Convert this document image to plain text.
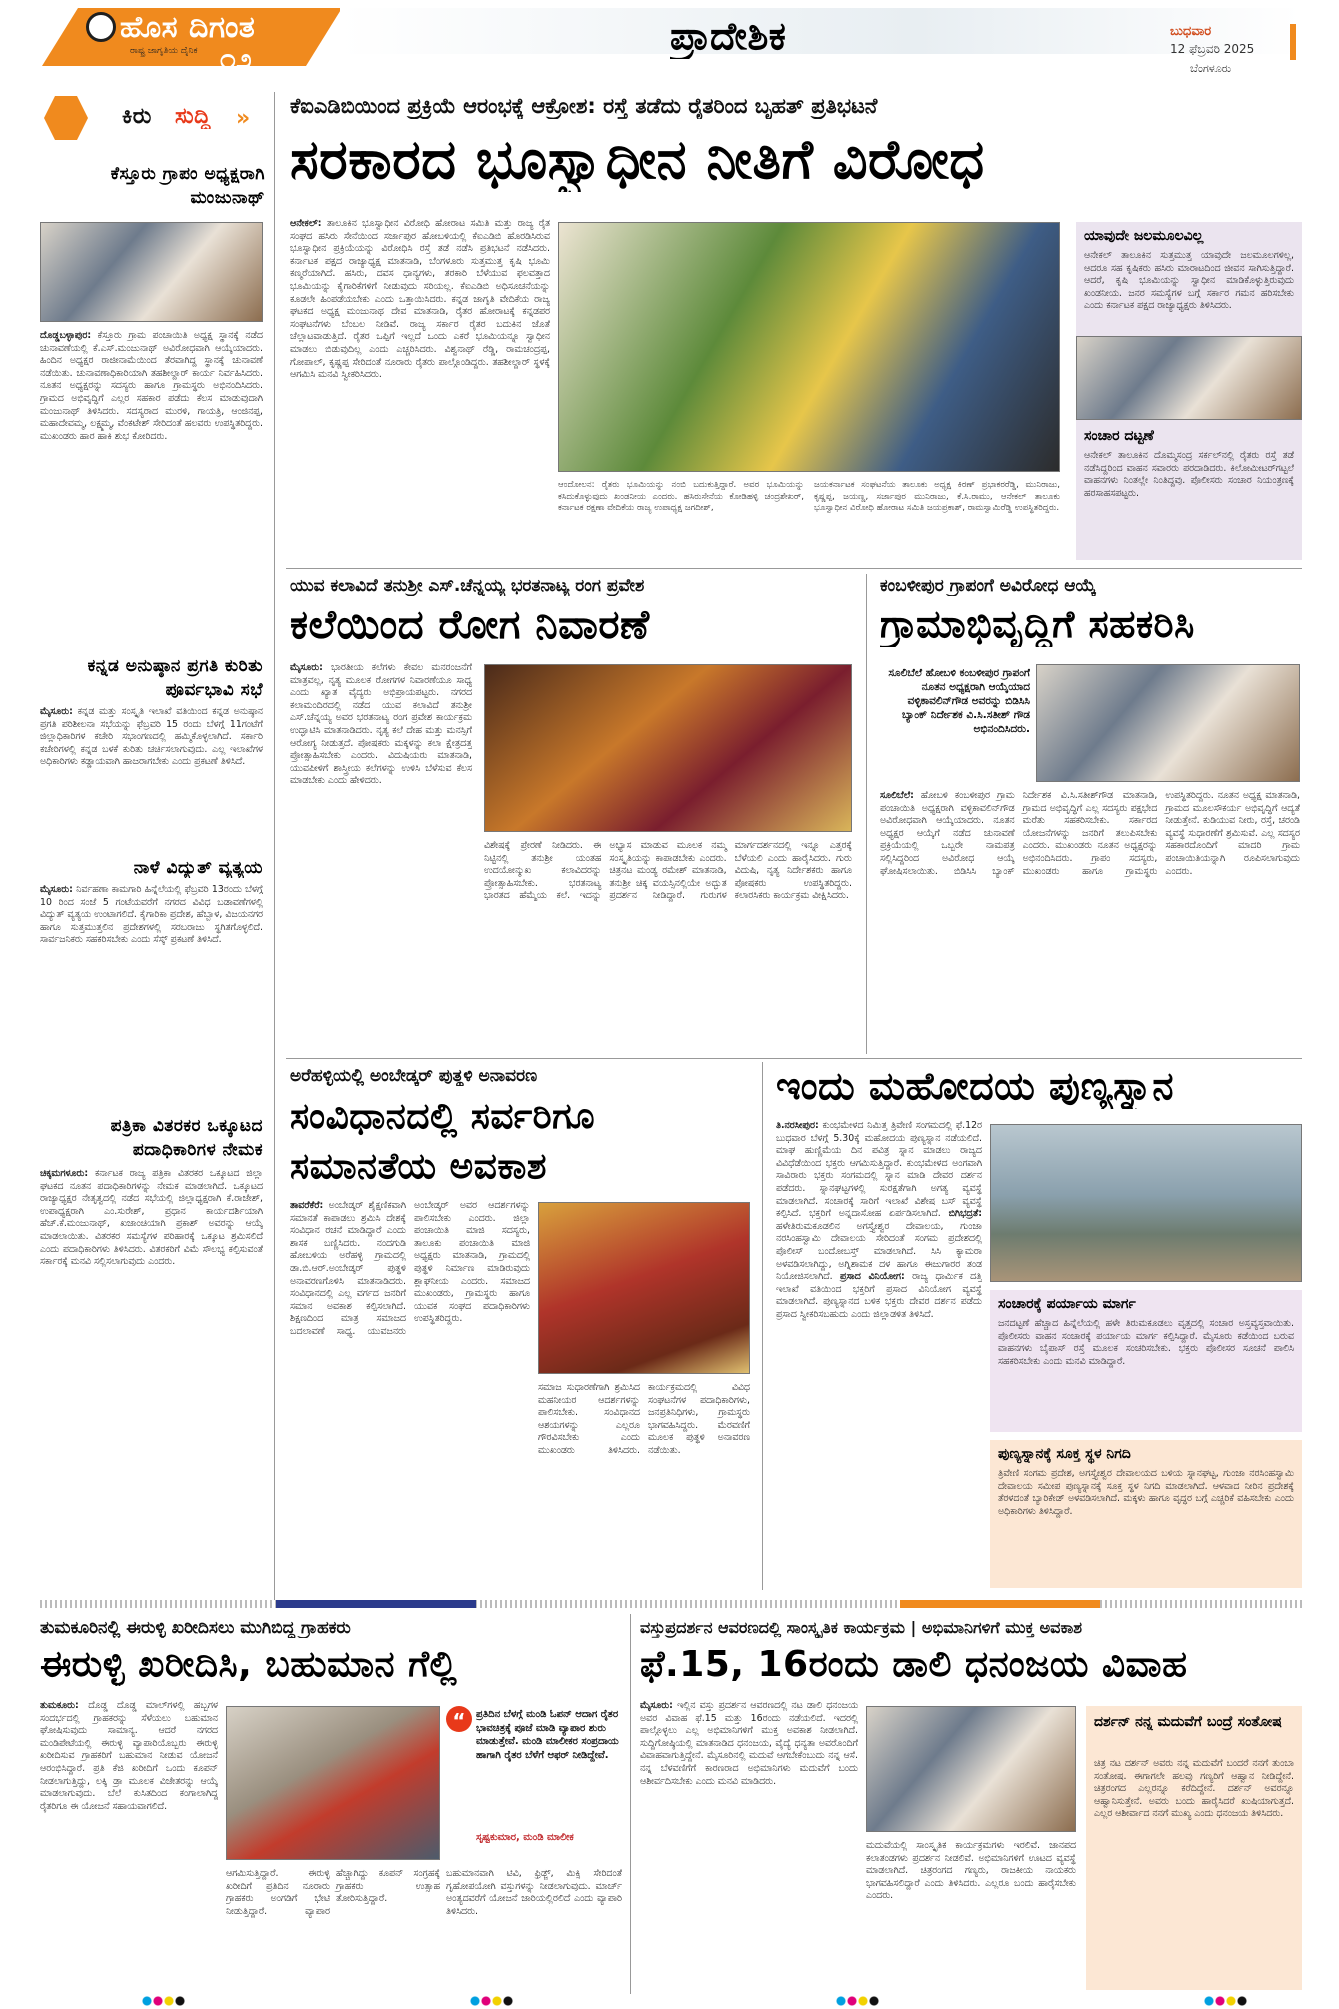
ಹೊಸ ದಿಗಂತ
ರಾಷ್ಟ್ರ ಜಾಗೃತಿಯ ದೈನಿಕ ೧೨
ಪ್ರಾದೇಶಿಕ	ಬುಧವಾರ
12 ಫೆಬ್ರವರಿ 2025
ಬೆಂಗಳೂರು
ಕಿರು ಸುದ್ದಿ »
ಕೆಸ್ತೂರು ಗ್ರಾಪಂ ಅಧ್ಯಕ್ಷರಾಗಿ ಮಂಜುನಾಥ್
ದೊಡ್ಡಬಳ್ಳಾಪುರ: ಕೆಸ್ತೂರು ಗ್ರಾಮ ಪಂಚಾಯಿತಿ ಅಧ್ಯಕ್ಷ ಸ್ಥಾನಕ್ಕೆ ನಡೆದ ಚುನಾವಣೆಯಲ್ಲಿ ಕೆ.ಎಸ್.ಮಂಜುನಾಥ್ ಅವಿರೋಧವಾಗಿ ಆಯ್ಕೆಯಾದರು. ಹಿಂದಿನ ಅಧ್ಯಕ್ಷರ ರಾಜೀನಾಮೆಯಿಂದ ತೆರವಾಗಿದ್ದ ಸ್ಥಾನಕ್ಕೆ ಚುನಾವಣೆ ನಡೆಯಿತು. ಚುನಾವಣಾಧಿಕಾರಿಯಾಗಿ ತಹಶೀಲ್ದಾರ್ ಕಾರ್ಯ ನಿರ್ವಹಿಸಿದರು. ನೂತನ ಅಧ್ಯಕ್ಷರನ್ನು ಸದಸ್ಯರು ಹಾಗೂ ಗ್ರಾಮಸ್ಥರು ಅಭಿನಂದಿಸಿದರು. ಗ್ರಾಮದ ಅಭಿವೃದ್ಧಿಗೆ ಎಲ್ಲರ ಸಹಕಾರ ಪಡೆದು ಕೆಲಸ ಮಾಡುವುದಾಗಿ ಮಂಜುನಾಥ್ ತಿಳಿಸಿದರು. ಸದಸ್ಯರಾದ ಮುರಳಿ, ಗಾಯತ್ರಿ, ಆಂಜಿನಪ್ಪ, ಮಹಾದೇವಮ್ಮ, ಲಕ್ಷ್ಮಮ್ಮ, ವೆಂಕಟೇಶ್ ಸೇರಿದಂತೆ ಹಲವರು ಉಪಸ್ಥಿತರಿದ್ದರು. ಮುಖಂಡರು ಹಾರ ಹಾಕಿ ಶುಭ ಕೋರಿದರು.
ಕನ್ನಡ ಅನುಷ್ಠಾನ ಪ್ರಗತಿ ಕುರಿತು ಪೂರ್ವಭಾವಿ ಸಭೆ
ಮೈಸೂರು: ಕನ್ನಡ ಮತ್ತು ಸಂಸ್ಕೃತಿ ಇಲಾಖೆ ವತಿಯಿಂದ ಕನ್ನಡ ಅನುಷ್ಠಾನ ಪ್ರಗತಿ ಪರಿಶೀಲನಾ ಸಭೆಯನ್ನು ಫೆಬ್ರವರಿ 15 ರಂದು ಬೆಳಗ್ಗೆ 11ಗಂಟೆಗೆ ಜಿಲ್ಲಾಧಿಕಾರಿಗಳ ಕಚೇರಿ ಸಭಾಂಗಣದಲ್ಲಿ ಹಮ್ಮಿಕೊಳ್ಳಲಾಗಿದೆ. ಸರ್ಕಾರಿ ಕಚೇರಿಗಳಲ್ಲಿ ಕನ್ನಡ ಬಳಕೆ ಕುರಿತು ಚರ್ಚಿಸಲಾಗುವುದು. ಎಲ್ಲ ಇಲಾಖೆಗಳ ಅಧಿಕಾರಿಗಳು ಕಡ್ಡಾಯವಾಗಿ ಹಾಜರಾಗಬೇಕು ಎಂದು ಪ್ರಕಟಣೆ ತಿಳಿಸಿದೆ.
ನಾಳೆ ವಿದ್ಯುತ್ ವ್ಯತ್ಯಯ
ಮೈಸೂರು: ನಿರ್ವಹಣಾ ಕಾಮಗಾರಿ ಹಿನ್ನೆಲೆಯಲ್ಲಿ ಫೆಬ್ರವರಿ 13ರಂದು ಬೆಳಗ್ಗೆ 10 ರಿಂದ ಸಂಜೆ 5 ಗಂಟೆಯವರೆಗೆ ನಗರದ ವಿವಿಧ ಬಡಾವಣೆಗಳಲ್ಲಿ ವಿದ್ಯುತ್ ವ್ಯತ್ಯಯ ಉಂಟಾಗಲಿದೆ. ಕೈಗಾರಿಕಾ ಪ್ರದೇಶ, ಹೆಬ್ಬಾಳ, ವಿಜಯನಗರ ಹಾಗೂ ಸುತ್ತಮುತ್ತಲಿನ ಪ್ರದೇಶಗಳಲ್ಲಿ ಸರಬರಾಜು ಸ್ಥಗಿತಗೊಳ್ಳಲಿದೆ. ಸಾರ್ವಜನಿಕರು ಸಹಕರಿಸಬೇಕು ಎಂದು ಸೆಸ್ಕ್ ಪ್ರಕಟಣೆ ತಿಳಿಸಿದೆ.
ಪತ್ರಿಕಾ ವಿತರಕರ ಒಕ್ಕೂಟದ ಪದಾಧಿಕಾರಿಗಳ ನೇಮಕ
ಚಿಕ್ಕಮಗಳೂರು: ಕರ್ನಾಟಕ ರಾಜ್ಯ ಪತ್ರಿಕಾ ವಿತರಕರ ಒಕ್ಕೂಟದ ಜಿಲ್ಲಾ ಘಟಕದ ನೂತನ ಪದಾಧಿಕಾರಿಗಳನ್ನು ನೇಮಕ ಮಾಡಲಾಗಿದೆ. ಒಕ್ಕೂಟದ ರಾಜ್ಯಾಧ್ಯಕ್ಷರ ನೇತೃತ್ವದಲ್ಲಿ ನಡೆದ ಸಭೆಯಲ್ಲಿ ಜಿಲ್ಲಾಧ್ಯಕ್ಷರಾಗಿ ಕೆ.ರಾಜೇಶ್, ಉಪಾಧ್ಯಕ್ಷರಾಗಿ ಎಂ.ಸುರೇಶ್, ಪ್ರಧಾನ ಕಾರ್ಯದರ್ಶಿಯಾಗಿ ಹೆಚ್.ಕೆ.ಮಂಜುನಾಥ್, ಖಜಾಂಚಿಯಾಗಿ ಪ್ರಕಾಶ್ ಅವರನ್ನು ಆಯ್ಕೆ ಮಾಡಲಾಯಿತು. ವಿತರಕರ ಸಮಸ್ಯೆಗಳ ಪರಿಹಾರಕ್ಕೆ ಒಕ್ಕೂಟ ಶ್ರಮಿಸಲಿದೆ ಎಂದು ಪದಾಧಿಕಾರಿಗಳು ತಿಳಿಸಿದರು. ವಿತರಕರಿಗೆ ವಿಮೆ ಸೌಲಭ್ಯ ಕಲ್ಪಿಸುವಂತೆ ಸರ್ಕಾರಕ್ಕೆ ಮನವಿ ಸಲ್ಲಿಸಲಾಗುವುದು ಎಂದರು.
ಕೆಐಎಡಿಬಿಯಿಂದ ಪ್ರಕ್ರಿಯೆ ಆರಂಭಕ್ಕೆ ಆಕ್ರೋಶ: ರಸ್ತೆ ತಡೆದು ರೈತರಿಂದ ಬೃಹತ್ ಪ್ರತಿಭಟನೆ
ಸರಕಾರದ ಭೂಸ್ವಾಧೀನ ನೀತಿಗೆ ವಿರೋಧ
ಆನೇಕಲ್: ತಾಲೂಕಿನ ಭೂಸ್ವಾಧೀನ ವಿರೋಧಿ ಹೋರಾಟ ಸಮಿತಿ ಮತ್ತು ರಾಜ್ಯ ರೈತ ಸಂಘದ ಹಸಿರು ಸೇನೆಯಿಂದ ಸರ್ಜಾಪುರ ಹೋಬಳಿಯಲ್ಲಿ ಕೆಐಎಡಿಬಿ ಹೊರಡಿಸಿರುವ ಭೂಸ್ವಾಧೀನ ಪ್ರಕ್ರಿಯೆಯನ್ನು ವಿರೋಧಿಸಿ ರಸ್ತೆ ತಡೆ ನಡೆಸಿ ಪ್ರತಿಭಟನೆ ನಡೆಸಿದರು. ಕರ್ನಾಟಕ ಪಕ್ಷದ ರಾಜ್ಯಾಧ್ಯಕ್ಷ ಮಾತನಾಡಿ, ಬೆಂಗಳೂರು ಸುತ್ತಮುತ್ತ ಕೃಷಿ ಭೂಮಿ ಕಣ್ಮರೆಯಾಗಿದೆ. ಹಸಿರು, ದವಸ ಧಾನ್ಯಗಳು, ತರಕಾರಿ ಬೆಳೆಯುವ ಫಲವತ್ತಾದ ಭೂಮಿಯನ್ನು ಕೈಗಾರಿಕೆಗಳಿಗೆ ನೀಡುವುದು ಸರಿಯಲ್ಲ. ಕೆಐಎಡಿಬಿ ಅಧಿಸೂಚನೆಯನ್ನು ಕೂಡಲೇ ಹಿಂಪಡೆಯಬೇಕು ಎಂದು ಒತ್ತಾಯಿಸಿದರು. ಕನ್ನಡ ಜಾಗೃತಿ ವೇದಿಕೆಯ ರಾಜ್ಯ ಘಟಕದ ಅಧ್ಯಕ್ಷ ಮಂಜುನಾಥ ದೇವ ಮಾತನಾಡಿ, ರೈತರ ಹೋರಾಟಕ್ಕೆ ಕನ್ನಡಪರ ಸಂಘಟನೆಗಳು ಬೆಂಬಲ ನೀಡಿವೆ. ರಾಜ್ಯ ಸರ್ಕಾರ ರೈತರ ಬದುಕಿನ ಜೊತೆ ಚೆಲ್ಲಾಟವಾಡುತ್ತಿದೆ. ರೈತರ ಒಪ್ಪಿಗೆ ಇಲ್ಲದೆ ಒಂದು ಎಕರೆ ಭೂಮಿಯನ್ನೂ ಸ್ವಾಧೀನ ಮಾಡಲು ಬಿಡುವುದಿಲ್ಲ ಎಂದು ಎಚ್ಚರಿಸಿದರು. ವಿಶ್ವನಾಥ್ ರೆಡ್ಡಿ, ರಾಮಚಂದ್ರಪ್ಪ, ಗೋಪಾಲ್, ಕೃಷ್ಣಪ್ಪ ಸೇರಿದಂತೆ ನೂರಾರು ರೈತರು ಪಾಲ್ಗೊಂಡಿದ್ದರು. ತಹಶೀಲ್ದಾರ್ ಸ್ಥಳಕ್ಕೆ ಆಗಮಿಸಿ ಮನವಿ ಸ್ವೀಕರಿಸಿದರು.
ಆಂದೋಲನ: ರೈತರು ಭೂಮಿಯನ್ನು ನಂಬಿ ಬದುಕುತ್ತಿದ್ದಾರೆ. ಅವರ ಭೂಮಿಯನ್ನು ಕಸಿದುಕೊಳ್ಳುವುದು ಖಂಡನೀಯ ಎಂದರು. ಹಸಿರುಸೇನೆಯ ಕೋಡಿಹಳ್ಳಿ ಚಂದ್ರಶೇಖರ್, ಕರ್ನಾಟಕ ರಕ್ಷಣಾ ವೇದಿಕೆಯ ರಾಜ್ಯ ಉಪಾಧ್ಯಕ್ಷ ಜಗದೀಶ್,
ಜಯಕರ್ನಾಟಕ ಸಂಘಟನೆಯ ತಾಲೂಕು ಅಧ್ಯಕ್ಷ ಕಿರಣ್ ಪ್ರಭಾಕರರೆಡ್ಡಿ, ಮುನಿರಾಜು, ಕೃಷ್ಣಪ್ಪ, ಜಯಣ್ಣ, ಸರ್ಜಾಪುರ ಮುನಿರಾಜು, ಕೆ.ಸಿ.ರಾಮು, ಆನೇಕಲ್ ತಾಲೂಕು ಭೂಸ್ವಾಧೀನ ವಿರೋಧಿ ಹೋರಾಟ ಸಮಿತಿ ಜಯಪ್ರಕಾಶ್, ರಾಮಸ್ವಾಮಿರೆಡ್ಡಿ ಉಪಸ್ಥಿತರಿದ್ದರು.
ಯಾವುದೇ ಜಲಮೂಲವಿಲ್ಲ
ಆನೇಕಲ್ ತಾಲೂಕಿನ ಸುತ್ತಮುತ್ತ ಯಾವುದೇ ಜಲಮೂಲಗಳಿಲ್ಲ, ಆದರೂ ಸಹ ಕೃಷಿಕರು ಹಸಿರು ಮಾರಾಟದಿಂದ ಜೀವನ ಸಾಗಿಸುತ್ತಿದ್ದಾರೆ. ಆದರೆ, ಕೃಷಿ ಭೂಮಿಯನ್ನು ಸ್ವಾಧೀನ ಮಾಡಿಕೊಳ್ಳುತ್ತಿರುವುದು ಖಂಡನೀಯ. ಜನರ ಸಮಸ್ಯೆಗಳ ಬಗ್ಗೆ ಸರ್ಕಾರ ಗಮನ ಹರಿಸಬೇಕು ಎಂದು ಕರ್ನಾಟಕ ಪಕ್ಷದ ರಾಜ್ಯಾಧ್ಯಕ್ಷರು ತಿಳಿಸಿದರು.
ಸಂಚಾರ ದಟ್ಟಣೆ
ಆನೇಕಲ್ ತಾಲೂಕಿನ ದೊಮ್ಮಸಂದ್ರ ಸರ್ಕಲ್‌ನಲ್ಲಿ ರೈತರು ರಸ್ತೆ ತಡೆ ನಡೆಸಿದ್ದರಿಂದ ವಾಹನ ಸವಾರರು ಪರದಾಡಿದರು. ಕಿಲೋಮೀಟರ್‌ಗಟ್ಟಲೆ ವಾಹನಗಳು ನಿಂತಲ್ಲೇ ನಿಂತಿದ್ದವು. ಪೊಲೀಸರು ಸಂಚಾರ ನಿಯಂತ್ರಣಕ್ಕೆ ಹರಸಾಹಸಪಟ್ಟರು.
ಯುವ ಕಲಾವಿದೆ ತನುಶ್ರೀ ಎಸ್.ಚೆನ್ನಯ್ಯ ಭರತನಾಟ್ಯ ರಂಗ ಪ್ರವೇಶ
ಕಲೆಯಿಂದ ರೋಗ ನಿವಾರಣೆ
ಮೈಸೂರು: ಭಾರತೀಯ ಕಲೆಗಳು ಕೇವಲ ಮನರಂಜನೆಗೆ ಮಾತ್ರವಲ್ಲ, ನೃತ್ಯ ಮೂಲಕ ರೋಗಗಳ ನಿವಾರಣೆಯೂ ಸಾಧ್ಯ ಎಂದು ಖ್ಯಾತ ವೈದ್ಯರು ಅಭಿಪ್ರಾಯಪಟ್ಟರು. ನಗರದ ಕಲಾಮಂದಿರದಲ್ಲಿ ನಡೆದ ಯುವ ಕಲಾವಿದೆ ತನುಶ್ರೀ ಎಸ್.ಚೆನ್ನಯ್ಯ ಅವರ ಭರತನಾಟ್ಯ ರಂಗ ಪ್ರವೇಶ ಕಾರ್ಯಕ್ರಮ ಉದ್ಘಾಟಿಸಿ ಮಾತನಾಡಿದರು. ನೃತ್ಯ ಕಲೆ ದೇಹ ಮತ್ತು ಮನಸ್ಸಿಗೆ ಆರೋಗ್ಯ ನೀಡುತ್ತದೆ. ಪೋಷಕರು ಮಕ್ಕಳನ್ನು ಕಲಾ ಕ್ಷೇತ್ರದತ್ತ ಪ್ರೋತ್ಸಾಹಿಸಬೇಕು ಎಂದರು. ವಿದುಷಿಯರು ಮಾತನಾಡಿ, ಯುವಪೀಳಿಗೆ ಶಾಸ್ತ್ರೀಯ ಕಲೆಗಳನ್ನು ಉಳಿಸಿ ಬೆಳೆಸುವ ಕೆಲಸ ಮಾಡಬೇಕು ಎಂದು ಹೇಳಿದರು.
ವಿಶೇಷಕ್ಕೆ ಪ್ರೇರಣೆ ನೀಡಿದರು. ಈ ನಿಟ್ಟಿನಲ್ಲಿ ತನುಶ್ರೀ ಯಂತಹ ಉದಯೋನ್ಮುಖ ಕಲಾವಿದರನ್ನು ಪ್ರೋತ್ಸಾಹಿಸಬೇಕು. ಭರತನಾಟ್ಯ ಭಾರತದ ಹೆಮ್ಮೆಯ ಕಲೆ. ಇದನ್ನು ಅಭ್ಯಾಸ ಮಾಡುವ ಮೂಲಕ ನಮ್ಮ ಸಂಸ್ಕೃತಿಯನ್ನು ಕಾಪಾಡಬೇಕು ಎಂದರು. ಚಿತ್ರನಟ ಮಂಡ್ಯ ರಮೇಶ್ ಮಾತನಾಡಿ, ತನುಶ್ರೀ ಚಿಕ್ಕ ವಯಸ್ಸಿನಲ್ಲಿಯೇ ಅದ್ಭುತ ಪ್ರದರ್ಶನ ನೀಡಿದ್ದಾರೆ. ಗುರುಗಳ ಮಾರ್ಗದರ್ಶನದಲ್ಲಿ ಇನ್ನೂ ಎತ್ತರಕ್ಕೆ ಬೆಳೆಯಲಿ ಎಂದು ಹಾರೈಸಿದರು. ಗುರು ವಿದುಷಿ, ನೃತ್ಯ ನಿರ್ದೇಶಕರು ಹಾಗೂ ಪೋಷಕರು ಉಪಸ್ಥಿತರಿದ್ದರು. ಕಲಾರಸಿಕರು ಕಾರ್ಯಕ್ರಮ ವೀಕ್ಷಿಸಿದರು.
ಕಂಬಳೀಪುರ ಗ್ರಾಪಂಗೆ ಅವಿರೋಧ ಆಯ್ಕೆ
ಗ್ರಾಮಾಭಿವೃದ್ಧಿಗೆ ಸಹಕರಿಸಿ
ಸೂಲಿಬೆಲೆ ಹೋಬಳಿ ಕಂಬಳೀಪುರ ಗ್ರಾಪಂಗೆ ನೂತನ ಅಧ್ಯಕ್ಷರಾಗಿ ಆಯ್ಕೆಯಾದ ವಳ್ಳಿಕಾವಲಿನ್‌ಗೌಡ ಅವರನ್ನು ಬಿಡಿಸಿಸಿ ಬ್ಯಾಂಕ್ ನಿರ್ದೇಶಕ ವಿ.ಸಿ.ಸತೀಶ್ ಗೌಡ ಅಭಿನಂದಿಸಿದರು.
ಸೂಲಿಬೆಲೆ: ಹೋಬಳಿ ಕಂಬಳೀಪುರ ಗ್ರಾಮ ಪಂಚಾಯಿತಿ ಅಧ್ಯಕ್ಷರಾಗಿ ವಳ್ಳಿಕಾವಲಿನ್‌ಗೌಡ ಅವಿರೋಧವಾಗಿ ಆಯ್ಕೆಯಾದರು. ನೂತನ ಅಧ್ಯಕ್ಷರ ಆಯ್ಕೆಗೆ ನಡೆದ ಚುನಾವಣೆ ಪ್ರಕ್ರಿಯೆಯಲ್ಲಿ ಒಬ್ಬರೇ ನಾಮಪತ್ರ ಸಲ್ಲಿಸಿದ್ದರಿಂದ ಅವಿರೋಧ ಆಯ್ಕೆ ಘೋಷಿಸಲಾಯಿತು. ಬಿಡಿಸಿಸಿ ಬ್ಯಾಂಕ್ ನಿರ್ದೇಶಕ ವಿ.ಸಿ.ಸತೀಶ್‌ಗೌಡ ಮಾತನಾಡಿ, ಗ್ರಾಮದ ಅಭಿವೃದ್ಧಿಗೆ ಎಲ್ಲ ಸದಸ್ಯರು ಪಕ್ಷಭೇದ ಮರೆತು ಸಹಕರಿಸಬೇಕು. ಸರ್ಕಾರದ ಯೋಜನೆಗಳನ್ನು ಜನರಿಗೆ ತಲುಪಿಸಬೇಕು ಎಂದರು. ಮುಖಂಡರು ನೂತನ ಅಧ್ಯಕ್ಷರನ್ನು ಅಭಿನಂದಿಸಿದರು. ಗ್ರಾಪಂ ಸದಸ್ಯರು, ಮುಖಂಡರು ಹಾಗೂ ಗ್ರಾಮಸ್ಥರು ಉಪಸ್ಥಿತರಿದ್ದರು. ನೂತನ ಅಧ್ಯಕ್ಷ ಮಾತನಾಡಿ, ಗ್ರಾಮದ ಮೂಲಸೌಕರ್ಯ ಅಭಿವೃದ್ಧಿಗೆ ಆದ್ಯತೆ ನೀಡುತ್ತೇನೆ. ಕುಡಿಯುವ ನೀರು, ರಸ್ತೆ, ಚರಂಡಿ ವ್ಯವಸ್ಥೆ ಸುಧಾರಣೆಗೆ ಶ್ರಮಿಸುವೆ. ಎಲ್ಲ ಸದಸ್ಯರ ಸಹಕಾರದೊಂದಿಗೆ ಮಾದರಿ ಗ್ರಾಮ ಪಂಚಾಯಿತಿಯನ್ನಾಗಿ ರೂಪಿಸಲಾಗುವುದು ಎಂದರು.
ಅರೆಹಳ್ಳಿಯಲ್ಲಿ ಅಂಬೇಡ್ಕರ್ ಪುತ್ಥಳಿ ಅನಾವರಣ
ಸಂವಿಧಾನದಲ್ಲಿ ಸರ್ವರಿಗೂ
ಸಮಾನತೆಯ ಅವಕಾಶ
ತಾವರೆಕೆರೆ: ಅಂಬೇಡ್ಕರ್ ಶೈಕ್ಷಣಿಕವಾಗಿ ಸಮಾನತೆ ಕಾಪಾಡಲು ಶ್ರಮಿಸಿ ದೇಶಕ್ಕೆ ಸಂವಿಧಾನ ರಚನೆ ಮಾಡಿದ್ದಾರೆ ಎಂದು ಶಾಸಕ ಬಣ್ಣಿಸಿದರು. ನಂದಗುಡಿ ಹೋಬಳಿಯ ಅರೆಹಳ್ಳಿ ಗ್ರಾಮದಲ್ಲಿ ಡಾ.ಬಿ.ಆರ್.ಅಂಬೇಡ್ಕರ್ ಪುತ್ಥಳಿ ಅನಾವರಣಗೊಳಿಸಿ ಮಾತನಾಡಿದರು. ಸಂವಿಧಾನದಲ್ಲಿ ಎಲ್ಲ ವರ್ಗದ ಜನರಿಗೆ ಸಮಾನ ಅವಕಾಶ ಕಲ್ಪಿಸಲಾಗಿದೆ. ಶಿಕ್ಷಣದಿಂದ ಮಾತ್ರ ಸಮಾಜದ ಬದಲಾವಣೆ ಸಾಧ್ಯ. ಯುವಜನರು ಅಂಬೇಡ್ಕರ್ ಅವರ ಆದರ್ಶಗಳನ್ನು ಪಾಲಿಸಬೇಕು ಎಂದರು. ಜಿಲ್ಲಾ ಪಂಚಾಯಿತಿ ಮಾಜಿ ಸದಸ್ಯರು, ತಾಲೂಕು ಪಂಚಾಯಿತಿ ಮಾಜಿ ಅಧ್ಯಕ್ಷರು ಮಾತನಾಡಿ, ಗ್ರಾಮದಲ್ಲಿ ಪುತ್ಥಳಿ ನಿರ್ಮಾಣ ಮಾಡಿರುವುದು ಶ್ಲಾಘನೀಯ ಎಂದರು. ಸಮಾಜದ ಮುಖಂಡರು, ಗ್ರಾಮಸ್ಥರು ಹಾಗೂ ಯುವಕ ಸಂಘದ ಪದಾಧಿಕಾರಿಗಳು ಉಪಸ್ಥಿತರಿದ್ದರು.
ಸಮಾಜ ಸುಧಾರಣೆಗಾಗಿ ಶ್ರಮಿಸಿದ ಮಹನೀಯರ ಆದರ್ಶಗಳನ್ನು ಪಾಲಿಸಬೇಕು. ಸಂವಿಧಾನದ ಆಶಯಗಳನ್ನು ಎಲ್ಲರೂ ಗೌರವಿಸಬೇಕು ಎಂದು ಮುಖಂಡರು ತಿಳಿಸಿದರು. ಕಾರ್ಯಕ್ರಮದಲ್ಲಿ ವಿವಿಧ ಸಂಘಟನೆಗಳ ಪದಾಧಿಕಾರಿಗಳು, ಜನಪ್ರತಿನಿಧಿಗಳು, ಗ್ರಾಮಸ್ಥರು ಭಾಗವಹಿಸಿದ್ದರು. ಮೆರವಣಿಗೆ ಮೂಲಕ ಪುತ್ಥಳಿ ಅನಾವರಣ ನಡೆಯಿತು.
ಇಂದು ಮಹೋದಯ ಪುಣ್ಯಸ್ನಾನ
ತಿ.ನರಸೀಪುರ: ಕುಂಭಮೇಳದ ನಿಮಿತ್ತ ತ್ರಿವೇಣಿ ಸಂಗಮದಲ್ಲಿ ಫೆ.12ರ ಬುಧವಾರ ಬೆಳಗ್ಗೆ 5.30ಕ್ಕೆ ಮಹೋದಯ ಪುಣ್ಯಸ್ನಾನ ನಡೆಯಲಿದೆ. ಮಾಘ ಹುಣ್ಣಿಮೆಯ ದಿನ ಪವಿತ್ರ ಸ್ನಾನ ಮಾಡಲು ರಾಜ್ಯದ ವಿವಿಧೆಡೆಯಿಂದ ಭಕ್ತರು ಆಗಮಿಸುತ್ತಿದ್ದಾರೆ. ಕುಂಭಮೇಳದ ಅಂಗವಾಗಿ ಸಾವಿರಾರು ಭಕ್ತರು ಸಂಗಮದಲ್ಲಿ ಸ್ನಾನ ಮಾಡಿ ದೇವರ ದರ್ಶನ ಪಡೆದರು. ಸ್ನಾನಘಟ್ಟಗಳಲ್ಲಿ ಸುರಕ್ಷತೆಗಾಗಿ ಅಗತ್ಯ ವ್ಯವಸ್ಥೆ ಮಾಡಲಾಗಿದೆ. ಸಂಚಾರಕ್ಕೆ ಸಾರಿಗೆ ಇಲಾಖೆ ವಿಶೇಷ ಬಸ್ ವ್ಯವಸ್ಥೆ ಕಲ್ಪಿಸಿದೆ. ಭಕ್ತರಿಗೆ ಅನ್ನದಾಸೋಹ ಏರ್ಪಡಿಸಲಾಗಿದೆ. ಬಿಗಿಭದ್ರತೆ: ಹಳೇತಿರುಮಕೂಡಲಿನ ಅಗಸ್ತ್ಯೇಶ್ವರ ದೇವಾಲಯ, ಗುಂಜಾ ನರಸಿಂಹಸ್ವಾಮಿ ದೇವಾಲಯ ಸೇರಿದಂತೆ ಸಂಗಮ ಪ್ರದೇಶದಲ್ಲಿ ಪೊಲೀಸ್ ಬಂದೋಬಸ್ತ್ ಮಾಡಲಾಗಿದೆ. ಸಿಸಿ ಕ್ಯಾಮರಾ ಅಳವಡಿಸಲಾಗಿದ್ದು, ಅಗ್ನಿಶಾಮಕ ದಳ ಹಾಗೂ ಈಜುಗಾರರ ತಂಡ ನಿಯೋಜಿಸಲಾಗಿದೆ. ಪ್ರಸಾದ ವಿನಿಯೋಗ: ರಾಜ್ಯ ಧಾರ್ಮಿಕ ದತ್ತಿ ಇಲಾಖೆ ವತಿಯಿಂದ ಭಕ್ತರಿಗೆ ಪ್ರಸಾದ ವಿನಿಯೋಗ ವ್ಯವಸ್ಥೆ ಮಾಡಲಾಗಿದೆ. ಪುಣ್ಯಸ್ನಾನದ ಬಳಿಕ ಭಕ್ತರು ದೇವರ ದರ್ಶನ ಪಡೆದು ಪ್ರಸಾದ ಸ್ವೀಕರಿಸಬಹುದು ಎಂದು ಜಿಲ್ಲಾಡಳಿತ ತಿಳಿಸಿದೆ.
ಸಂಚಾರಕ್ಕೆ ಪರ್ಯಾಯ ಮಾರ್ಗ
ಜನದಟ್ಟಣೆ ಹೆಚ್ಚಾದ ಹಿನ್ನೆಲೆಯಲ್ಲಿ ಹಳೇ ತಿರುಮಕೂಡಲು ವೃತ್ತದಲ್ಲಿ ಸಂಚಾರ ಅಸ್ತವ್ಯಸ್ತವಾಯಿತು. ಪೊಲೀಸರು ವಾಹನ ಸಂಚಾರಕ್ಕೆ ಪರ್ಯಾಯ ಮಾರ್ಗ ಕಲ್ಪಿಸಿದ್ದಾರೆ. ಮೈಸೂರು ಕಡೆಯಿಂದ ಬರುವ ವಾಹನಗಳು ಬೈಪಾಸ್ ರಸ್ತೆ ಮೂಲಕ ಸಂಚರಿಸಬೇಕು. ಭಕ್ತರು ಪೊಲೀಸರ ಸೂಚನೆ ಪಾಲಿಸಿ ಸಹಕರಿಸಬೇಕು ಎಂದು ಮನವಿ ಮಾಡಿದ್ದಾರೆ.
ಪುಣ್ಯಸ್ನಾನಕ್ಕೆ ಸೂಕ್ತ ಸ್ಥಳ ನಿಗದಿ
ತ್ರಿವೇಣಿ ಸಂಗಮ ಪ್ರದೇಶ, ಅಗಸ್ತ್ಯೇಶ್ವರ ದೇವಾಲಯದ ಬಳಿಯ ಸ್ನಾನಘಟ್ಟ, ಗುಂಜಾ ನರಸಿಂಹಸ್ವಾಮಿ ದೇವಾಲಯ ಸಮೀಪ ಪುಣ್ಯಸ್ನಾನಕ್ಕೆ ಸೂಕ್ತ ಸ್ಥಳ ನಿಗದಿ ಮಾಡಲಾಗಿದೆ. ಆಳವಾದ ನೀರಿನ ಪ್ರದೇಶಕ್ಕೆ ತೆರಳದಂತೆ ಬ್ಯಾರಿಕೇಡ್ ಅಳವಡಿಸಲಾಗಿದೆ. ಮಕ್ಕಳು ಹಾಗೂ ವೃದ್ಧರ ಬಗ್ಗೆ ಎಚ್ಚರಿಕೆ ವಹಿಸಬೇಕು ಎಂದು ಅಧಿಕಾರಿಗಳು ತಿಳಿಸಿದ್ದಾರೆ.
ತುಮಕೂರಿನಲ್ಲಿ ಈರುಳ್ಳಿ ಖರೀದಿಸಲು ಮುಗಿಬಿದ್ದ ಗ್ರಾಹಕರು
ಈರುಳ್ಳಿ ಖರೀದಿಸಿ, ಬಹುಮಾನ ಗೆಲ್ಲಿ
ತುಮಕೂರು: ದೊಡ್ಡ ದೊಡ್ಡ ಮಾಲ್‌ಗಳಲ್ಲಿ ಹಬ್ಬಗಳ ಸಂದರ್ಭದಲ್ಲಿ ಗ್ರಾಹಕರನ್ನು ಸೆಳೆಯಲು ಬಹುಮಾನ ಘೋಷಿಸುವುದು ಸಾಮಾನ್ಯ. ಆದರೆ ನಗರದ ಮಂಡಿಪೇಟೆಯಲ್ಲಿ ಈರುಳ್ಳಿ ವ್ಯಾಪಾರಿಯೊಬ್ಬರು ಈರುಳ್ಳಿ ಖರೀದಿಸುವ ಗ್ರಾಹಕರಿಗೆ ಬಹುಮಾನ ನೀಡುವ ಯೋಜನೆ ಆರಂಭಿಸಿದ್ದಾರೆ. ಪ್ರತಿ ಕೆಜಿ ಖರೀದಿಗೆ ಒಂದು ಕೂಪನ್ ನೀಡಲಾಗುತ್ತಿದ್ದು, ಲಕ್ಕಿ ಡ್ರಾ ಮೂಲಕ ವಿಜೇತರನ್ನು ಆಯ್ಕೆ ಮಾಡಲಾಗುವುದು. ಬೆಲೆ ಕುಸಿತದಿಂದ ಕಂಗಾಲಾಗಿದ್ದ ರೈತರಿಗೂ ಈ ಯೋಜನೆ ಸಹಾಯವಾಗಲಿದೆ.
“	ಪ್ರತಿದಿನ ಬೆಳಗ್ಗೆ ಮಂಡಿ ಓಪನ್ ಆದಾಗ ರೈತರ ಭಾವಚಿತ್ರಕ್ಕೆ ಪೂಜೆ ಮಾಡಿ ವ್ಯಾಪಾರ ಶುರು ಮಾಡುತ್ತೇವೆ. ಮಂಡಿ ಮಾಲೀಕರ ಸಂಪ್ರದಾಯ ಹಾಗಾಗಿ ರೈತರ ಬೆಳೆಗೆ ಆಫರ್ ನೀಡಿದ್ದೇವೆ.
ಸೃಷ್ಟಕುಮಾರ, ಮಂಡಿ ಮಾಲೀಕ
ಆಗಮಿಸುತ್ತಿದ್ದಾರೆ. ಈರುಳ್ಳಿ ಖರೀದಿಗೆ ಪ್ರತಿದಿನ ನೂರಾರು ಗ್ರಾಹಕರು ಅಂಗಡಿಗೆ ಭೇಟಿ ನೀಡುತ್ತಿದ್ದಾರೆ. ವ್ಯಾಪಾರ ಹೆಚ್ಚಾಗಿದ್ದು ಕೂಪನ್ ಸಂಗ್ರಹಕ್ಕೆ ಗ್ರಾಹಕರು ಉತ್ಸಾಹ ತೋರಿಸುತ್ತಿದ್ದಾರೆ.
ಬಹುಮಾನವಾಗಿ ಟಿವಿ, ಫ್ರಿಡ್ಜ್, ಮಿಕ್ಸಿ ಸೇರಿದಂತೆ ಗೃಹೋಪಯೋಗಿ ವಸ್ತುಗಳನ್ನು ನೀಡಲಾಗುವುದು. ಮಾರ್ಚ್ ಅಂತ್ಯದವರೆಗೆ ಯೋಜನೆ ಜಾರಿಯಲ್ಲಿರಲಿದೆ ಎಂದು ವ್ಯಾಪಾರಿ ತಿಳಿಸಿದರು.
ವಸ್ತುಪ್ರದರ್ಶನ ಆವರಣದಲ್ಲಿ ಸಾಂಸ್ಕೃತಿಕ ಕಾರ್ಯಕ್ರಮ | ಅಭಿಮಾನಿಗಳಿಗೆ ಮುಕ್ತ ಅವಕಾಶ
ಫೆ.15, 16ರಂದು ಡಾಲಿ ಧನಂಜಯ ವಿವಾಹ
ಮೈಸೂರು: ಇಲ್ಲಿನ ವಸ್ತು ಪ್ರದರ್ಶನ ಆವರಣದಲ್ಲಿ ನಟ ಡಾಲಿ ಧನಂಜಯ ಅವರ ವಿವಾಹ ಫೆ.15 ಮತ್ತು 16ರಂದು ನಡೆಯಲಿದೆ. ಇದರಲ್ಲಿ ಪಾಲ್ಗೊಳ್ಳಲು ಎಲ್ಲ ಅಭಿಮಾನಿಗಳಿಗೆ ಮುಕ್ತ ಅವಕಾಶ ನೀಡಲಾಗಿದೆ. ಸುದ್ದಿಗೋಷ್ಠಿಯಲ್ಲಿ ಮಾತನಾಡಿದ ಧನಂಜಯ, ವೈದ್ಯೆ ಧನ್ಯತಾ ಅವರೊಂದಿಗೆ ವಿವಾಹವಾಗುತ್ತಿದ್ದೇನೆ. ಮೈಸೂರಿನಲ್ಲಿ ಮದುವೆ ಆಗಬೇಕೆಂಬುದು ನನ್ನ ಆಸೆ. ನನ್ನ ಬೆಳವಣಿಗೆಗೆ ಕಾರಣರಾದ ಅಭಿಮಾನಿಗಳು ಮದುವೆಗೆ ಬಂದು ಆಶೀರ್ವದಿಸಬೇಕು ಎಂದು ಮನವಿ ಮಾಡಿದರು.
ಮದುವೆಯಲ್ಲಿ ಸಾಂಸ್ಕೃತಿಕ ಕಾರ್ಯಕ್ರಮಗಳು ಇರಲಿವೆ. ಜಾನಪದ ಕಲಾತಂಡಗಳು ಪ್ರದರ್ಶನ ನೀಡಲಿವೆ. ಅಭಿಮಾನಿಗಳಿಗೆ ಊಟದ ವ್ಯವಸ್ಥೆ ಮಾಡಲಾಗಿದೆ. ಚಿತ್ರರಂಗದ ಗಣ್ಯರು, ರಾಜಕೀಯ ನಾಯಕರು ಭಾಗವಹಿಸಲಿದ್ದಾರೆ ಎಂದು ತಿಳಿಸಿದರು. ಎಲ್ಲರೂ ಬಂದು ಹಾರೈಸಬೇಕು ಎಂದರು.
ದರ್ಶನ್ ನನ್ನ ಮದುವೆಗೆ ಬಂದ್ರೆ ಸಂತೋಷ
ಚಿತ್ರ ನಟ ದರ್ಶನ್ ಅವರು ನನ್ನ ಮದುವೆಗೆ ಬಂದರೆ ನನಗೆ ತುಂಬಾ ಸಂತೋಷ. ಈಗಾಗಲೇ ಹಲವು ಗಣ್ಯರಿಗೆ ಆಹ್ವಾನ ನೀಡಿದ್ದೇನೆ. ಚಿತ್ರರಂಗದ ಎಲ್ಲರನ್ನೂ ಕರೆದಿದ್ದೇನೆ. ದರ್ಶನ್ ಅವರನ್ನೂ ಆಹ್ವಾನಿಸುತ್ತೇನೆ. ಅವರು ಬಂದು ಹಾರೈಸಿದರೆ ಖುಷಿಯಾಗುತ್ತದೆ. ಎಲ್ಲರ ಆಶೀರ್ವಾದ ನನಗೆ ಮುಖ್ಯ ಎಂದು ಧನಂಜಯ ತಿಳಿಸಿದರು.
